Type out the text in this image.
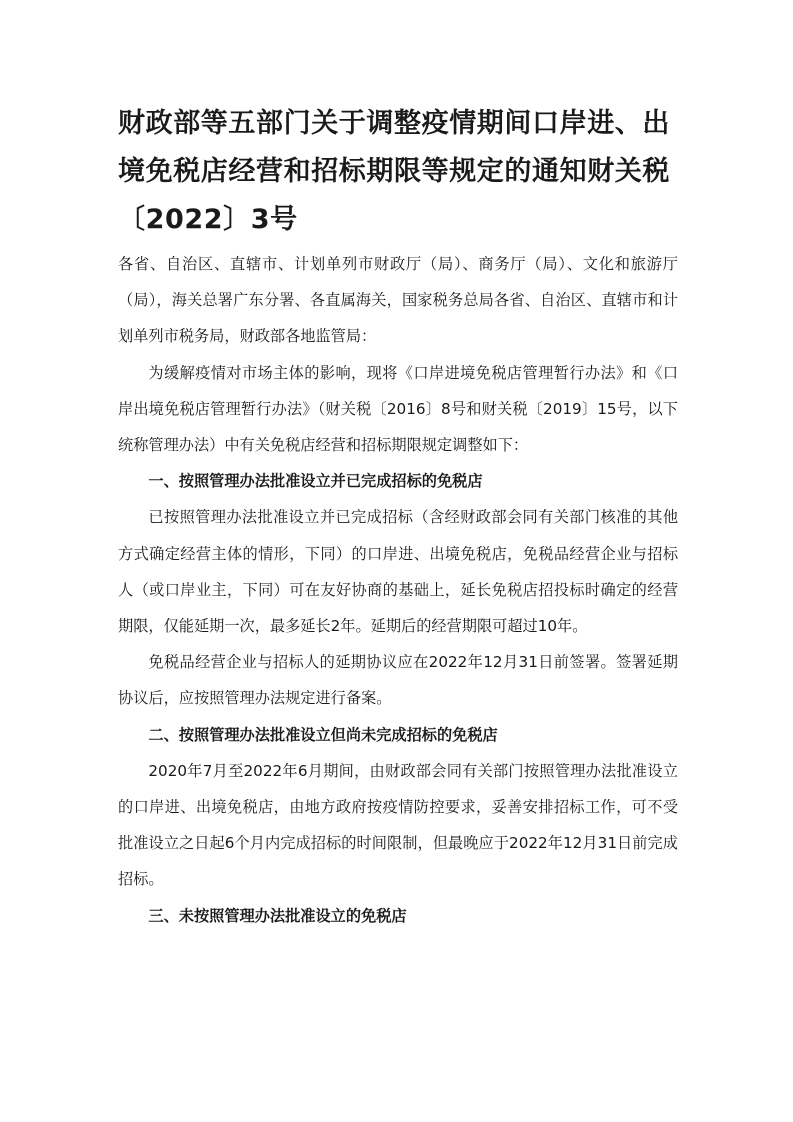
财政部等五部门关于调整疫情期间口岸进、出境免税店经营和招标期限等规定的通知财关税〔2022〕3号

各省、自治区、直辖市、计划单列市财政厅（局）、商务厅（局）、文化和旅游厅（局），海关总署广东分署、各直属海关，国家税务总局各省、自治区、直辖市和计划单列市税务局，财政部各地监管局：

为缓解疫情对市场主体的影响，现将《口岸进境免税店管理暂行办法》和《口岸出境免税店管理暂行办法》（财关税〔2016〕8号和财关税〔2019〕15号，以下统称管理办法）中有关免税店经营和招标期限规定调整如下：

一、按照管理办法批准设立并已完成招标的免税店

已按照管理办法批准设立并已完成招标（含经财政部会同有关部门核准的其他方式确定经营主体的情形，下同）的口岸进、出境免税店，免税品经营企业与招标人（或口岸业主，下同）可在友好协商的基础上，延长免税店招投标时确定的经营期限，仅能延期一次，最多延长2年。延期后的经营期限可超过10年。

免税品经营企业与招标人的延期协议应在2022年12月31日前签署。签署延期协议后，应按照管理办法规定进行备案。

二、按照管理办法批准设立但尚未完成招标的免税店

2020年7月至2022年6月期间，由财政部会同有关部门按照管理办法批准设立的口岸进、出境免税店，由地方政府按疫情防控要求，妥善安排招标工作，可不受批准设立之日起6个月内完成招标的时间限制，但最晚应于2022年12月31日前完成招标。

三、未按照管理办法批准设立的免税店
